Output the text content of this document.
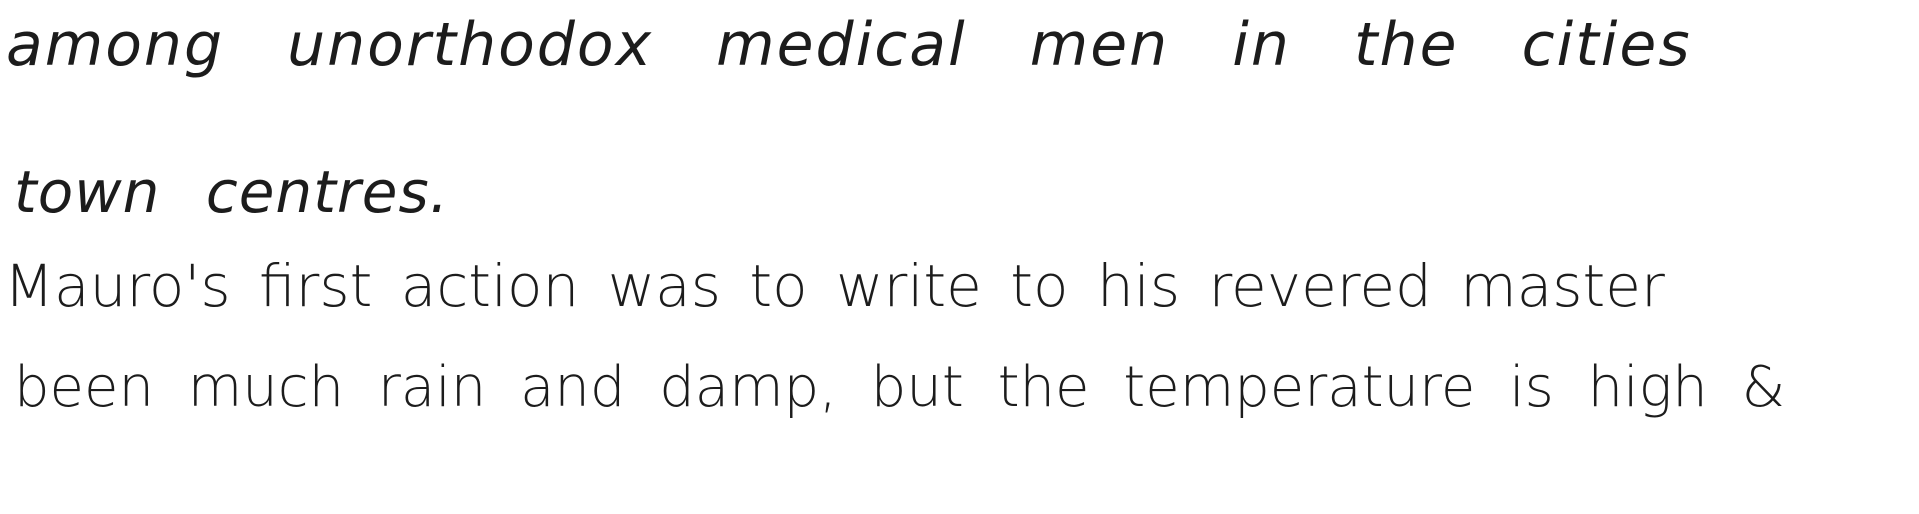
among unorthodox medical men in the cities
town centres.
Mauro's first action was to write to his revered master
been much rain and damp, but the temperature is high &
